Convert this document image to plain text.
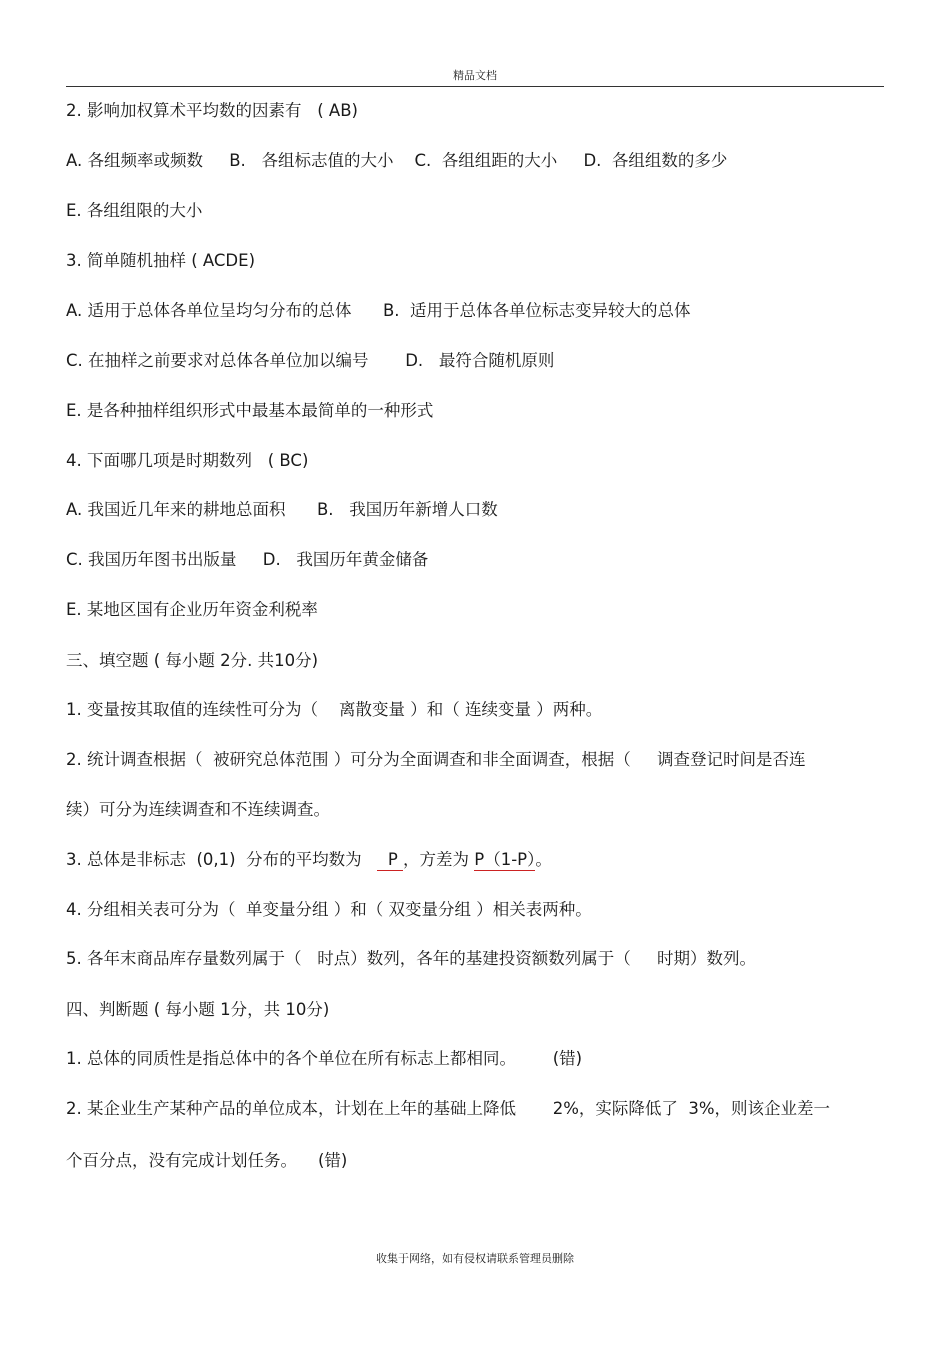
精品文档
2. 影响加权算术平均数的因素有   ( AB)
A. 各组频率或频数     B.   各组标志值的大小    C.  各组组距的大小     D.  各组组数的多少
E. 各组组限的大小
3. 简单随机抽样 ( ACDE)
A. 适用于总体各单位呈均匀分布的总体      B.  适用于总体各单位标志变异较大的总体
C. 在抽样之前要求对总体各单位加以编号       D.   最符合随机原则
E. 是各种抽样组织形式中最基本最简单的一种形式
4. 下面哪几项是时期数列   ( BC)
A. 我国近几年来的耕地总面积      B.   我国历年新增人口数
C. 我国历年图书出版量     D.   我国历年黄金储备
E. 某地区国有企业历年资金利税率
三、填空题 ( 每小题 2分. 共10分)
1. 变量按其取值的连续性可分为（    离散变量 ）和（ 连续变量 ）两种。
2. 统计调查根据（  被研究总体范围 ）可分为全面调查和非全面调查，根据（     调查登记时间是否连
续）可分为连续调查和不连续调查。
3. 总体是非标志  (0,1)  分布的平均数为     P ，方差为 P（1-P）。
4. 分组相关表可分为（  单变量分组 ）和（ 双变量分组 ）相关表两种。
5. 各年末商品库存量数列属于（   时点）数列，各年的基建投资额数列属于（     时期）数列。
四、判断题 ( 每小题 1分，共 10分)
1. 总体的同质性是指总体中的各个单位在所有标志上都相同。       (错)
2. 某企业生产某种产品的单位成本，计划在上年的基础上降低       2%，实际降低了  3%，则该企业差一
个百分点，没有完成计划任务。    (错)
收集于网络，如有侵权请联系管理员删除
